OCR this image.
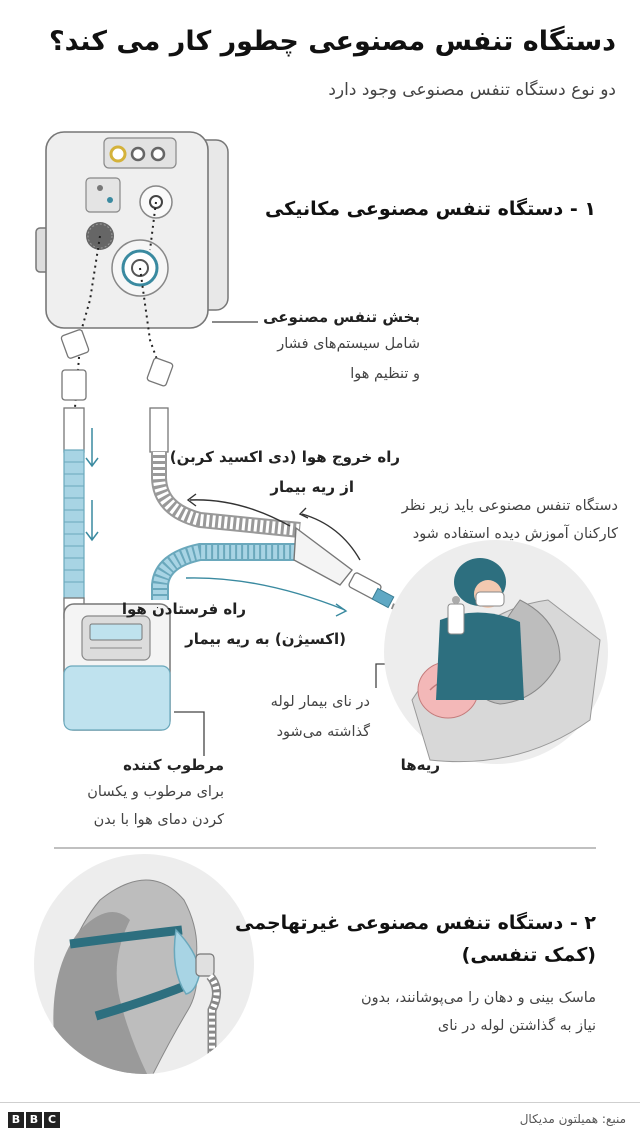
دستگاه تنفس مصنوعی چطور کار می کند؟
دو نوع دستگاه تنفس مصنوعی وجود دارد
۱ - دستگاه تنفس مصنوعی مکانیکی
بخش تنفس مصنوعی
شامل سیستم‌های فشار
و تنظیم هوا
راه خروج هوا (دی اکسید کربن)
از ریه بیمار
دستگاه تنفس مصنوعی باید زیر نظر
کارکنان آموزش دیده استفاده شود
راه فرستادن هوا
(اکسیژن) به ریه بیمار
در نای بیمار لوله
گذاشته می‌شود
ریه‌ها
مرطوب کننده
برای مرطوب و یکسان
کردن دمای هوا با بدن
۲ - دستگاه تنفس مصنوعی غیرتهاجمی
(کمک تنفسی)
ماسک بینی و دهان را می‌پوشانند، بدون
نیاز به گذاشتن لوله در نای
B B C	منبع: همیلتون مدیکال
